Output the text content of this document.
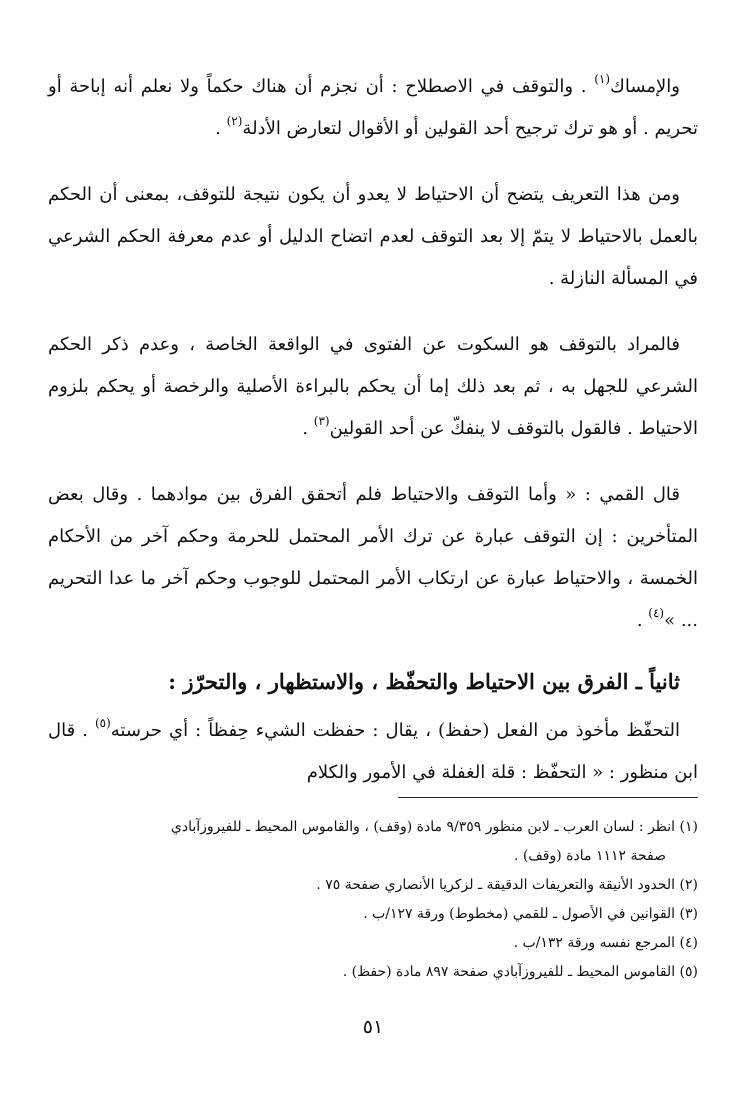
والإمساك$^{(١)}$ . والتوقف في الاصطلاح : أن نجزم أن هناك حكماً ولا نعلم أنه إباحة أو تحريم . أو هو ترك ترجيح أحد القولين أو الأقوال لتعارض الأدلة$^{(٢)}$ .

ومن هذا التعريف يتضح أن الاحتياط لا يعدو أن يكون نتيجة للتوقف، بمعنى أن الحكم بالعمل بالاحتياط لا يتمّ إلا بعد التوقف لعدم اتضاح الدليل أو عدم معرفة الحكم الشرعي في المسألة النازلة .

فالمراد بالتوقف هو السكوت عن الفتوى في الواقعة الخاصة ، وعدم ذكر الحكم الشرعي للجهل به ، ثم بعد ذلك إما أن يحكم بالبراءة الأصلية والرخصة أو يحكم بلزوم الاحتياط . فالقول بالتوقف لا ينفكّ عن أحد القولين$^{(٣)}$ .

قال القمي : « وأما التوقف والاحتياط فلم أتحقق الفرق بين موادهما . وقال بعض المتأخرين : إن التوقف عبارة عن ترك الأمر المحتمل للحرمة وحكم آخر من الأحكام الخمسة ، والاحتياط عبارة عن ارتكاب الأمر المحتمل للوجوب وحكم آخر ما عدا التحريم ... »$^{(٤)}$ .

ثانياً ـ الفرق بين الاحتياط والتحفّظ ، والاستظهار ، والتحرّز :

التحفّظ مأخوذ من الفعل (حفظ) ، يقال : حفظت الشيء حِفظاً : أي حرسته$^{(٥)}$ . قال ابن منظور : « التحفّظ : قلة الغفلة في الأمور والكلام

(١) انظر : لسان العرب ـ لابن منظور ٩/٣٥٩ مادة (وقف) ، والقاموس المحيط ـ للفيروزآبادي
صفحة ١١١٢ مادة (وقف) .
(٢) الحدود الأنيقة والتعريفات الدقيقة ـ لزكريا الأنصاري صفحة ٧٥ .
(٣) القوانين في الأصول ـ للقمي (مخطوط) ورقة ١٢٧/ب .
(٤) المرجع نفسه ورقة ١٣٢/ب .
(٥) القاموس المحيط ـ للفيروزآبادي صفحة ٨٩٧ مادة (حفظ) .
٥١
